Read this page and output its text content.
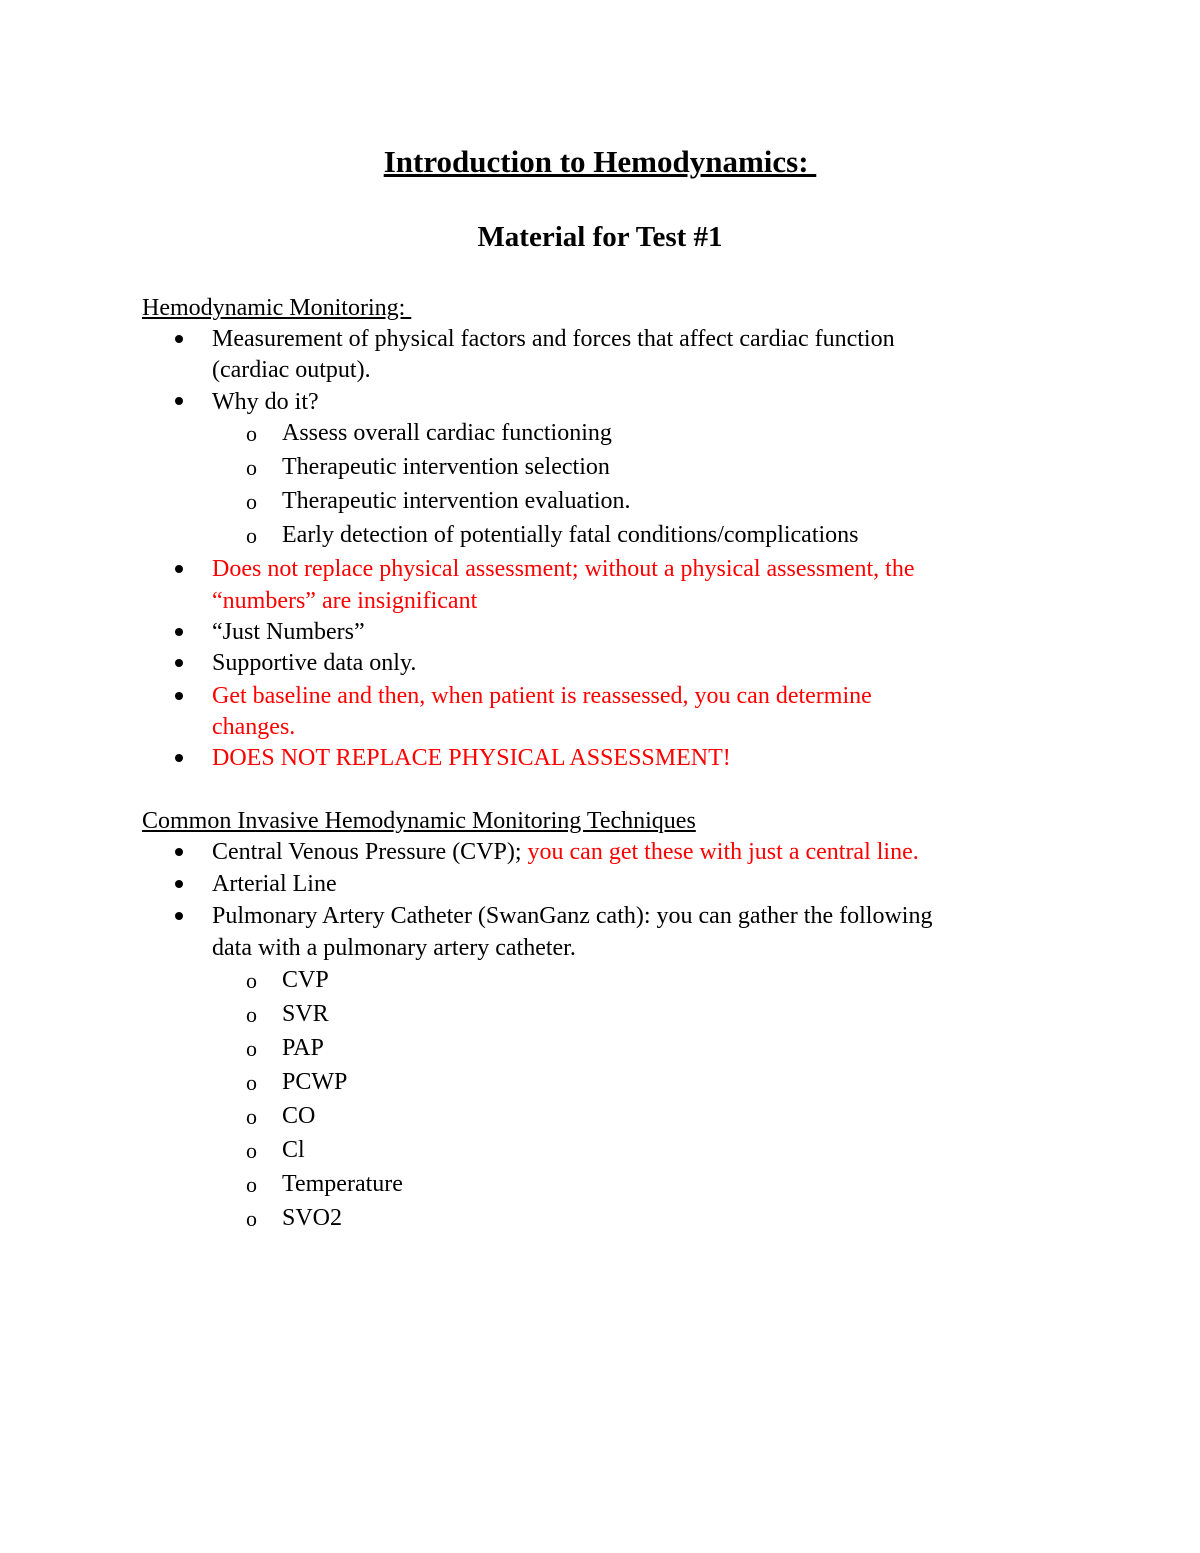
Introduction to Hemodynamics:
Material for Test #1
Hemodynamic Monitoring:
Measurement of physical factors and forces that affect cardiac function
(cardiac output).
Why do it?
o Assess overall cardiac functioning
o Therapeutic intervention selection
o Therapeutic intervention evaluation.
o Early detection of potentially fatal conditions/complications
Does not replace physical assessment; without a physical assessment, the
“numbers” are insignificant
“Just Numbers”
Supportive data only.
Get baseline and then, when patient is reassessed, you can determine
changes.
DOES NOT REPLACE PHYSICAL ASSESSMENT!
Common Invasive Hemodynamic Monitoring Techniques
Central Venous Pressure (CVP); you can get these with just a central line.
Arterial Line
Pulmonary Artery Catheter (SwanGanz cath): you can gather the following
data with a pulmonary artery catheter.
o CVP
o SVR
o PAP
o PCWP
o CO
o Cl
o Temperature
o SVO2
